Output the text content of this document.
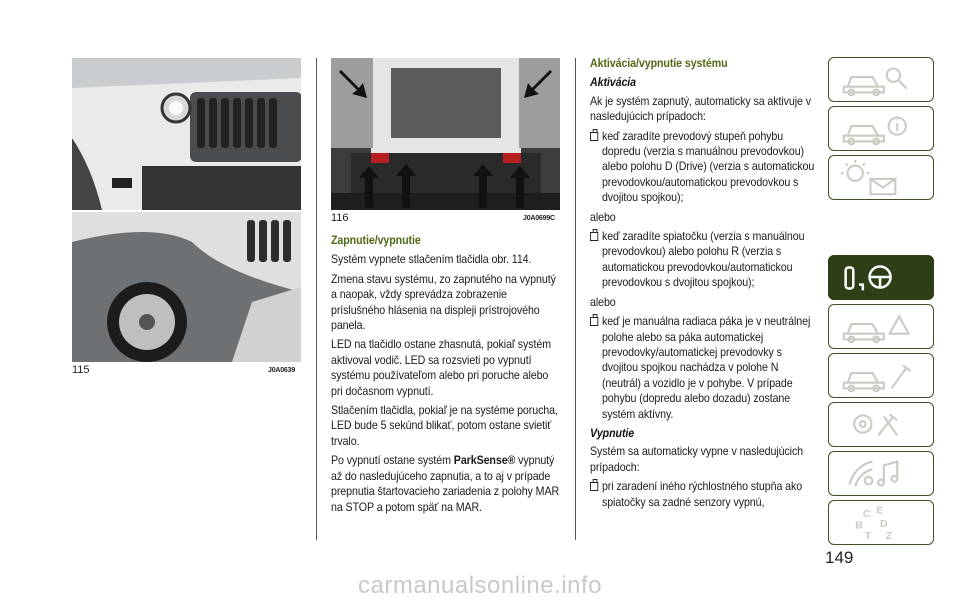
115	J0A0639
116	J0A0699C
Zapnutie/vypnutie

Systém vypnete stlačením tlačidla obr. 114.

Zmena stavu systému, zo zapnutého na vypnutý a naopak, vždy sprevádza zobrazenie príslušného hlásenia na displeji prístrojového panela.

LED na tlačidlo ostane zhasnutá, pokiaľ systém aktivoval vodič. LED sa rozsvieti po vypnutí systému používateľom alebo pri poruche alebo pri dočasnom vypnutí.

Stlačením tlačidla, pokiaľ je na systéme porucha, LED bude 5 sekúnd blikať, potom ostane svietiť trvalo.

Po vypnutí ostane systém ParkSense® vypnutý až do nasledujúceho zapnutia, a to aj v prípade prepnutia štartovacieho zariadenia z polohy MAR na STOP a potom späť na MAR.

Aktivácia/vypnutie systému
Aktivácia

Ak je systém zapnutý, automaticky sa aktivuje v nasledujúcich prípadoch:

keď zaradíte prevodový stupeň pohybu dopredu (verzia s manuálnou prevodovkou) alebo polohu D (Drive) (verzia s automatickou prevodovkou/automatickou prevodovkou s dvojitou spojkou);

alebo

keď zaradíte spiatočku (verzia s manuálnou prevodovkou) alebo polohu R (verzia s automatickou prevodovkou/automatickou prevodovkou s dvojitou spojkou);

alebo

keď je manuálna radiaca páka je v neutrálnej polohe alebo sa páka automatickej prevodovky/automatickej prevodovky s dvojitou spojkou nachádza v polohe N (neutrál) a vozidlo je v pohybe. V prípade pohybu (dopredu alebo dozadu) zostane systém aktívny.
Vypnutie

Systém sa automaticky vypne v nasledujúcich prípadoch:

pri zaradení iného rýchlostného stupňa ako spiatočky sa zadné senzory vypnú,
C E
B D
T Z
149
carmanualsonline.info
